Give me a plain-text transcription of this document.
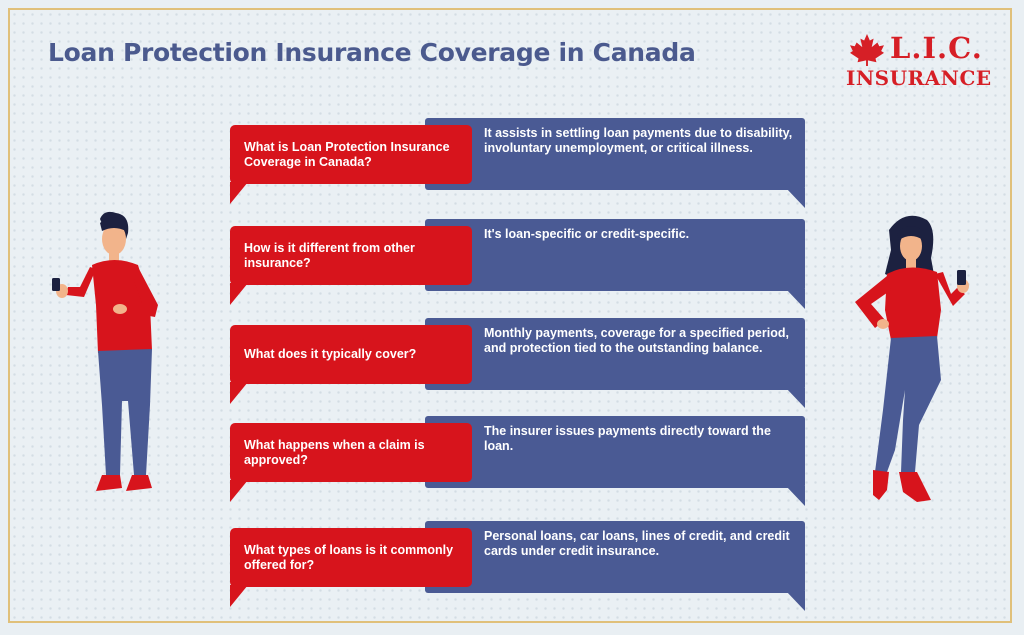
Loan Protection Insurance Coverage in Canada	L.I.C.
INSURANCE

What is Loan Protection Insurance Coverage in Canada?

It assists in settling loan payments due to disability, involuntary unemployment, or critical illness.

How is it different from other insurance?

It's loan-specific or credit-specific.

What does it typically cover?

Monthly payments, coverage for a specified period, and protection tied to the outstanding balance.

What happens when a claim is approved?

The insurer issues payments directly toward the loan.

What types of loans is it commonly offered for?

Personal loans, car loans, lines of credit, and credit cards under credit insurance.
